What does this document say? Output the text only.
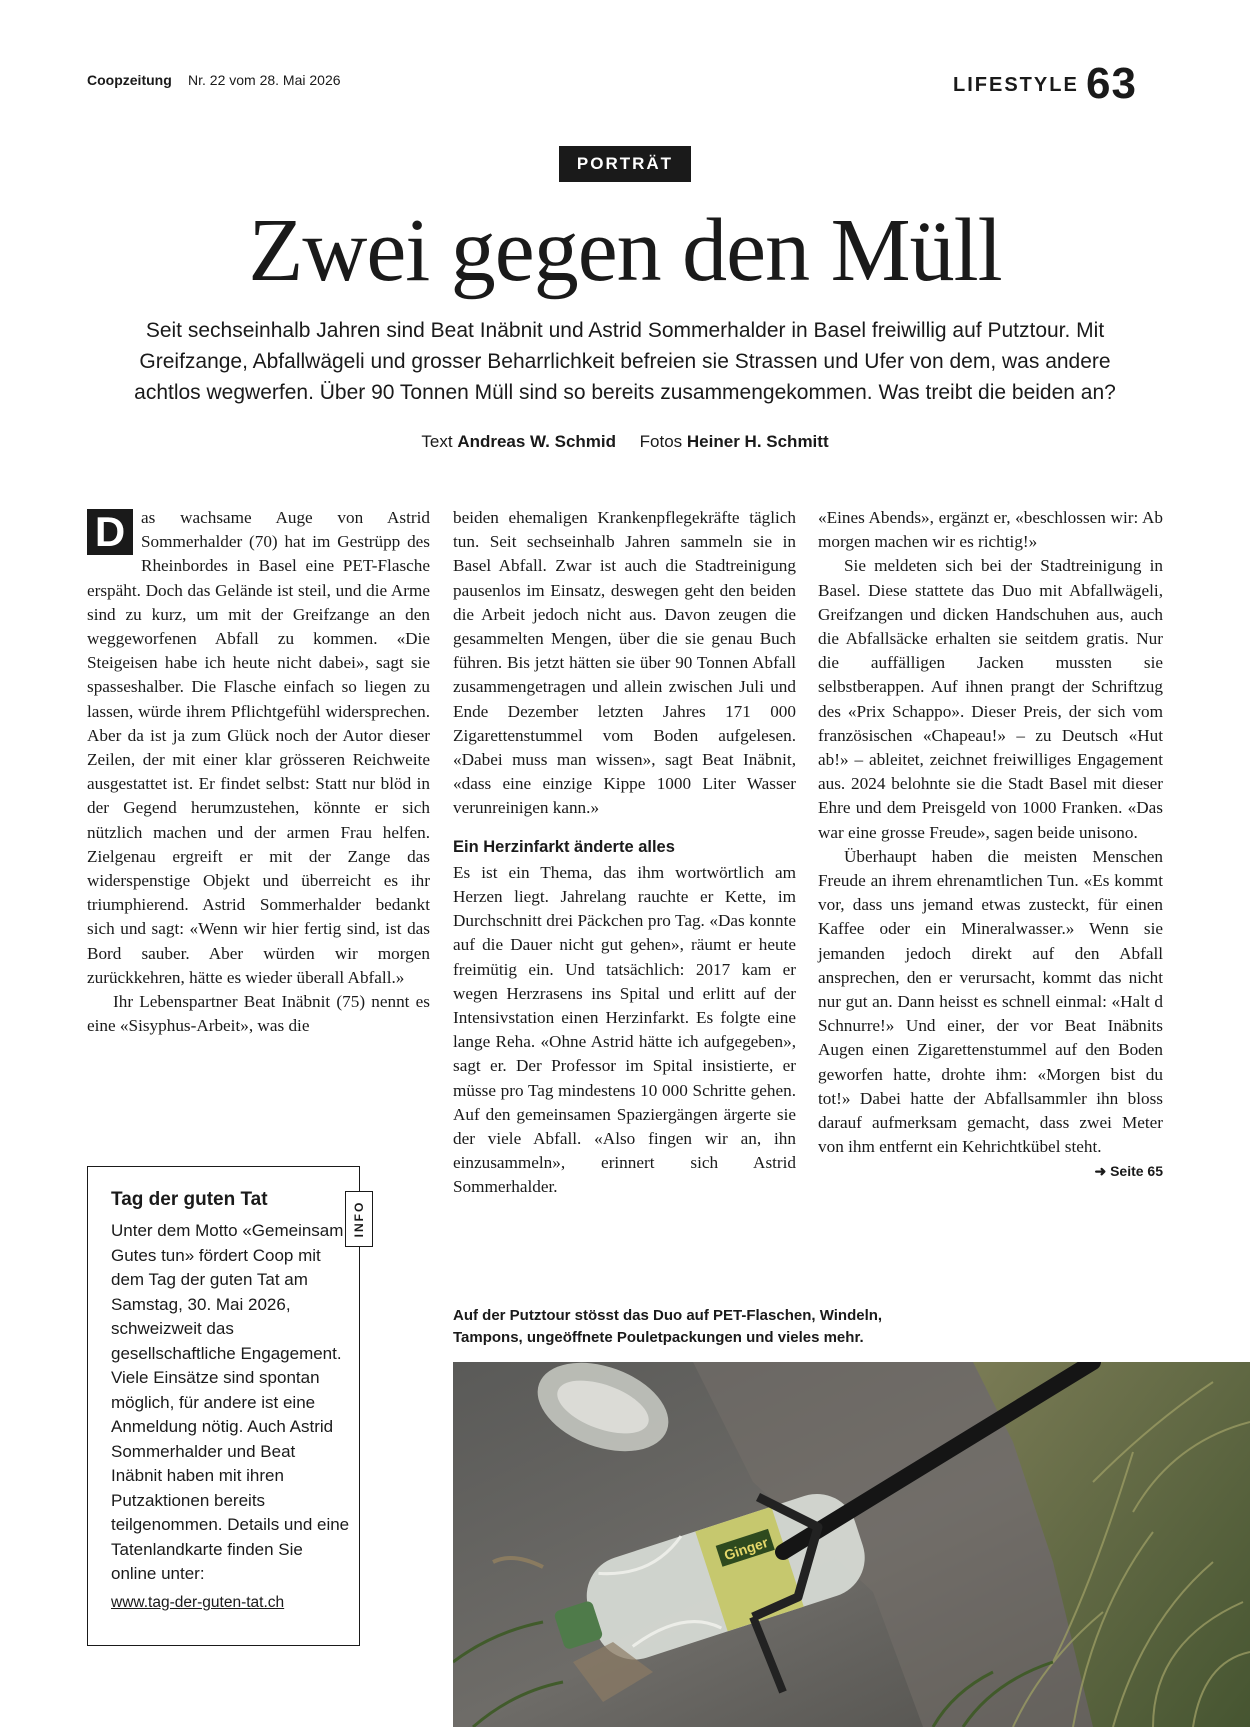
Coopzeitung Nr. 22 vom 28. Mai 2026	LIFESTYLE 63
PORTRÄT
Zwei gegen den Müll
Seit sechseinhalb Jahren sind Beat Inäbnit und Astrid Sommerhalder in Basel freiwillig auf Putztour. Mit Greifzange, Abfallwägeli und grosser Beharrlichkeit befreien sie Strassen und Ufer von dem, was andere achtlos wegwerfen. Über 90 Tonnen Müll sind so bereits zusammengekommen. Was treibt die beiden an?
Text Andreas W. Schmid Fotos Heiner H. Schmitt

D as wachsame Auge von Astrid Sommerhalder (70) hat im Gestrüpp des Rheinbordes in Basel eine PET-Flasche erspäht. Doch das Gelände ist steil, und die Arme sind zu kurz, um mit der Greifzange an den weggeworfenen Abfall zu kommen. «Die Steigeisen habe ich heute nicht dabei», sagt sie spasseshalber. Die Flasche einfach so liegen zu lassen, würde ihrem Pflichtgefühl widersprechen. Aber da ist ja zum Glück noch der Autor dieser Zeilen, der mit einer klar grösseren Reichweite ausgestattet ist. Er findet selbst: Statt nur blöd in der Gegend herumzustehen, könnte er sich nützlich machen und der armen Frau helfen. Zielgenau ergreift er mit der Zange das widerspenstige Objekt und überreicht es ihr triumphierend. Astrid Sommerhalder bedankt sich und sagt: «Wenn wir hier fertig sind, ist das Bord sauber. Aber würden wir morgen zurückkehren, hätte es wieder überall Abfall.»

Ihr Lebenspartner Beat Inäbnit (75) nennt es eine «Sisyphus-Arbeit», was die

beiden ehemaligen Krankenpflegekräfte täglich tun. Seit sechseinhalb Jahren sammeln sie in Basel Abfall. Zwar ist auch die Stadtreinigung pausenlos im Einsatz, deswegen geht den beiden die Arbeit jedoch nicht aus. Davon zeugen die gesammelten Mengen, über die sie genau Buch führen. Bis jetzt hätten sie über 90 Tonnen Abfall zusammengetragen und allein zwischen Juli und Ende Dezember letzten Jahres 171 000 Zigarettenstummel vom Boden aufgelesen. «Dabei muss man wissen», sagt Beat Inäbnit, «dass eine einzige Kippe 1000 Liter Wasser verunreinigen kann.»

Ein Herzinfarkt änderte alles

Es ist ein Thema, das ihm wortwörtlich am Herzen liegt. Jahrelang rauchte er Kette, im Durchschnitt drei Päckchen pro Tag. «Das konnte auf die Dauer nicht gut gehen», räumt er heute freimütig ein. Und tatsächlich: 2017 kam er wegen Herzrasens ins Spital und erlitt auf der Intensivstation einen Herzinfarkt. Es folgte eine lange Reha. «Ohne Astrid hätte ich aufgegeben», sagt er. Der Professor im Spital insistierte, er müsse pro Tag mindestens 10 000 Schritte gehen. Auf den gemeinsamen Spaziergängen ärgerte sie der viele Abfall. «Also fingen wir an, ihn einzusammeln», erinnert sich Astrid Sommerhalder.

«Eines Abends», ergänzt er, «beschlossen wir: Ab morgen machen wir es richtig!»

Sie meldeten sich bei der Stadtreinigung in Basel. Diese stattete das Duo mit Abfallwägeli, Greifzangen und dicken Handschuhen aus, auch die Abfallsäcke erhalten sie seitdem gratis. Nur die auffälligen Jacken mussten sie selbstberappen. Auf ihnen prangt der Schriftzug des «Prix Schappo». Dieser Preis, der sich vom französischen «Chapeau!» – zu Deutsch «Hut ab!» – ableitet, zeichnet freiwilliges Engagement aus. 2024 belohnte sie die Stadt Basel mit dieser Ehre und dem Preisgeld von 1000 Franken. «Das war eine grosse Freude», sagen beide unisono.

Überhaupt haben die meisten Menschen Freude an ihrem ehrenamtlichen Tun. «Es kommt vor, dass uns jemand etwas zusteckt, für einen Kaffee oder ein Mineralwasser.» Wenn sie jemanden jedoch direkt auf den Abfall ansprechen, den er verursacht, kommt das nicht nur gut an. Dann heisst es schnell einmal: «Halt d Schnurre!» Und einer, der vor Beat Inäbnits Augen einen Zigarettenstummel auf den Boden geworfen hatte, drohte ihm: «Morgen bist du tot!» Dabei hatte der Abfallsammler ihn bloss darauf aufmerksam gemacht, dass zwei Meter von ihm entfernt ein Kehrichtkübel steht.
➜ Seite 65

Tag der guten Tat
INFO
Unter dem Motto «Gemeinsam Gutes tun» fördert Coop mit dem Tag der guten Tat am Samstag, 30. Mai 2026, schweizweit das gesellschaftliche Engagement. Viele Einsätze sind spontan möglich, für andere ist eine Anmeldung nötig. Auch Astrid Sommerhalder und Beat Inäbnit haben mit ihren Putzaktionen bereits teilgenommen. Details und eine Tatenlandkarte finden Sie online unter:
www.tag-der-guten-tat.ch
Auf der Putztour stösst das Duo auf PET-Flaschen, Windeln, Tampons, ungeöffnete Pouletpackungen und vieles mehr.
Ginger
